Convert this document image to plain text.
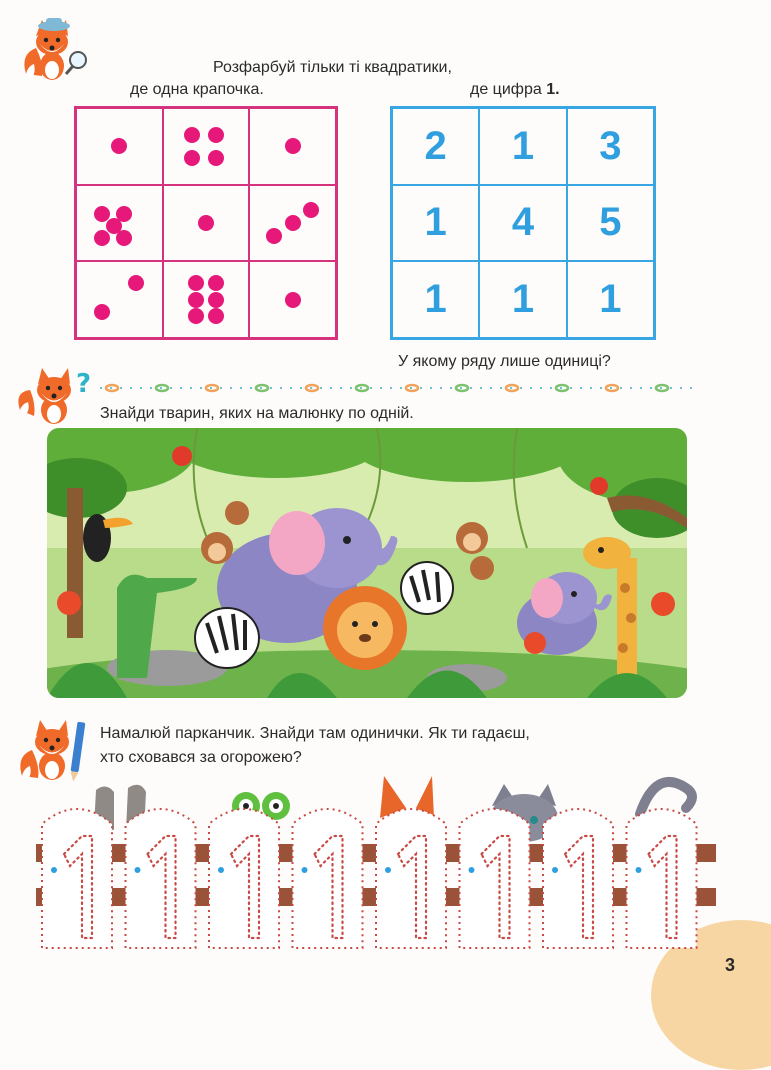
Розфарбуй тільки ті квадратики,
де одна крапочка.	де цифра 1.
2	1	3
1	4	5
1	1	1
У якому ряду лише одиниці?
?
Знайди тварин, яких на малюнку по одній.
Намалюй парканчик. Знайди там одинички. Як ти гадаєш,
хто сховався за огорожею?
3
